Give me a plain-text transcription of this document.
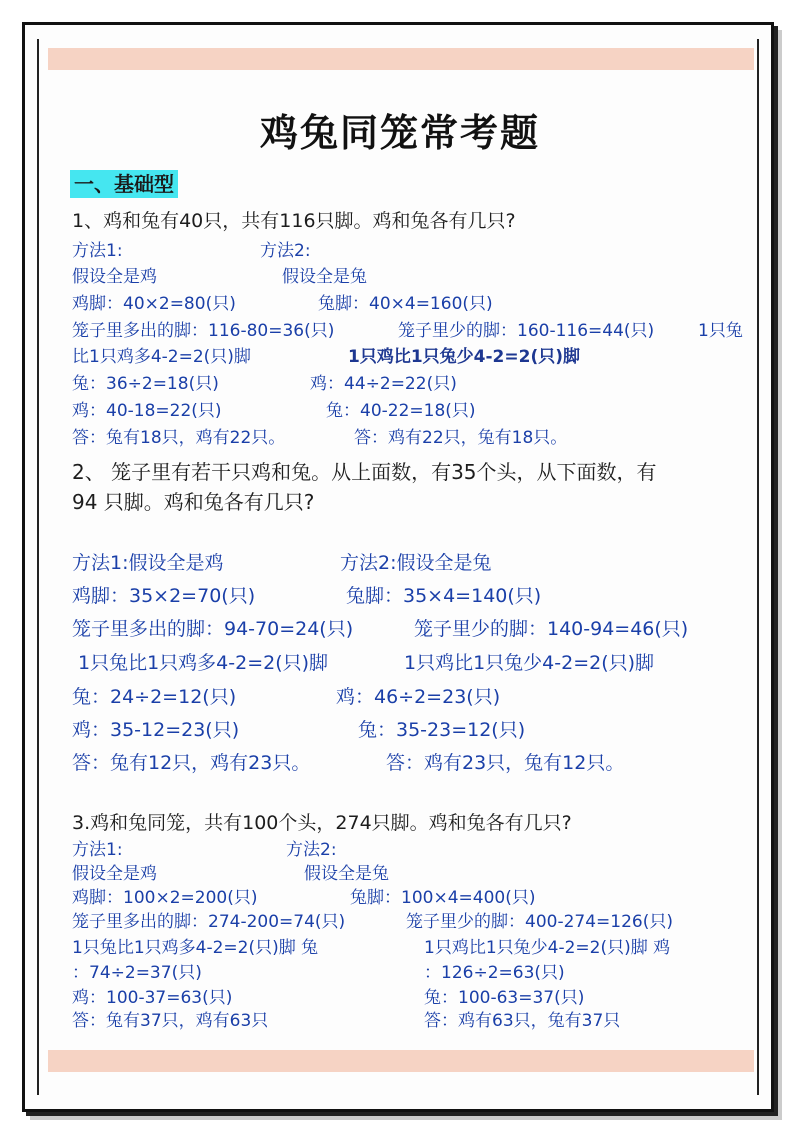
鸡兔同笼常考题
一、基础型
1、鸡和兔有40只，共有116只脚。鸡和兔各有几只?
方法1:	方法2:
假设全是鸡	假设全是兔
鸡脚：40×2=80(只)	兔脚：40×4=160(只)
笼子里多出的脚：116-80=36(只)	笼子里少的脚：160-116=44(只)	1只兔
比1只鸡多4-2=2(只)脚	1只鸡比1只兔少4-2=2(只)脚
兔：36÷2=18(只)	鸡：44÷2=22(只)
鸡：40-18=22(只)	兔：40-22=18(只)
答：兔有18只，鸡有22只。	答：鸡有22只，兔有18只。
2、 笼子里有若干只鸡和兔。从上面数，有35个头，从下面数，有
94 只脚。鸡和兔各有几只?
方法1:假设全是鸡	方法2:假设全是兔
鸡脚：35×2=70(只)	兔脚：35×4=140(只)
笼子里多出的脚：94-70=24(只)	笼子里少的脚：140-94=46(只)
1只兔比1只鸡多4-2=2(只)脚	1只鸡比1只兔少4-2=2(只)脚
兔：24÷2=12(只)	鸡：46÷2=23(只)
鸡：35-12=23(只)	兔：35-23=12(只)
答：兔有12只，鸡有23只。	答：鸡有23只，兔有12只。
3.鸡和兔同笼，共有100个头，274只脚。鸡和兔各有几只?
方法1:	方法2:
假设全是鸡	假设全是兔
鸡脚：100×2=200(只)	兔脚：100×4=400(只)
笼子里多出的脚：274-200=74(只)	笼子里少的脚：400-274=126(只)
1只兔比1只鸡多4-2=2(只)脚 兔	1只鸡比1只兔少4-2=2(只)脚 鸡
：74÷2=37(只)	：126÷2=63(只)
鸡：100-37=63(只)	兔：100-63=37(只)
答：兔有37只，鸡有63只	答：鸡有63只，兔有37只
